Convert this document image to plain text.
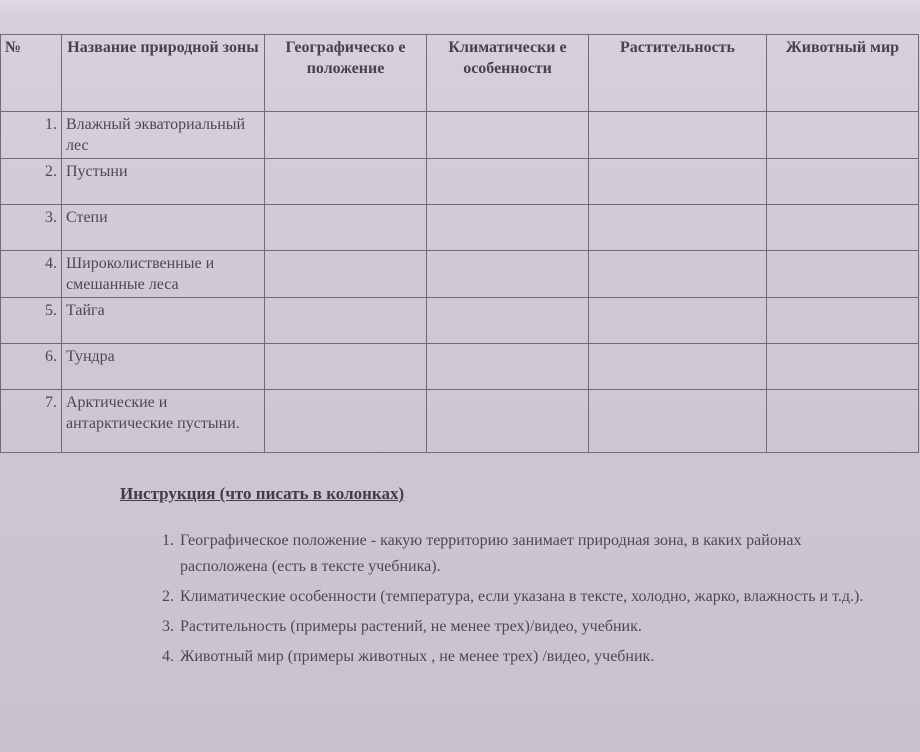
№	Название природной зоны	Географическо е положение	Климатически е особенности	Растительность	Животный мир
1.	Влажный экваториальный лес				
2.	Пустыни				
3.	Степи				
4.	Широколиственные и смешанные леса				
5.	Тайга				
6.	Тундра				
7.	Арктические и антарктические пустыни.				
Инструкция (что писать в колонках)
1. Географическое положение - какую территорию занимает природная зона, в каких районах расположена (есть в тексте учебника).
2. Климатические особенности (температура, если указана в тексте, холодно, жарко, влажность и т.д.).
3. Растительность (примеры растений, не менее трех)/видео, учебник.
4. Животный мир (примеры животных , не менее трех) /видео, учебник.
